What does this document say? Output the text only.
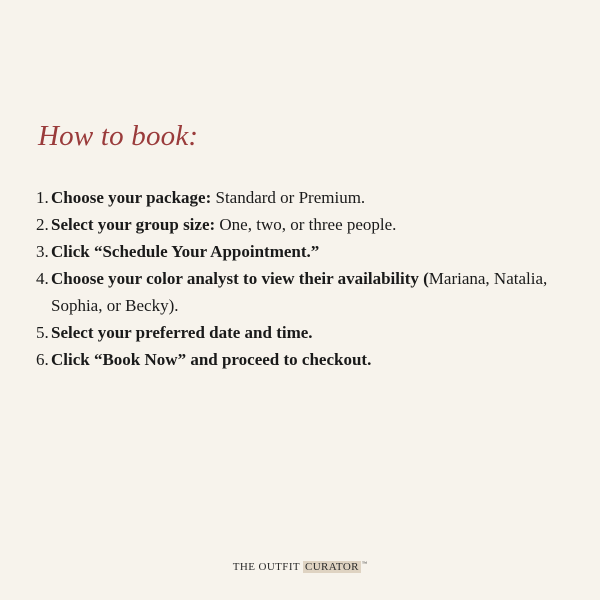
How to book:
1. Choose your package: Standard or Premium.
2. Select your group size: One, two, or three people.
3. Click “Schedule Your Appointment.”
4. Choose your color analyst to view their availability (Mariana, Natalia, Sophia, or Becky).
5. Select your preferred date and time.
6. Click “Book Now” and proceed to checkout.
THE OUTFIT CURATOR ™
